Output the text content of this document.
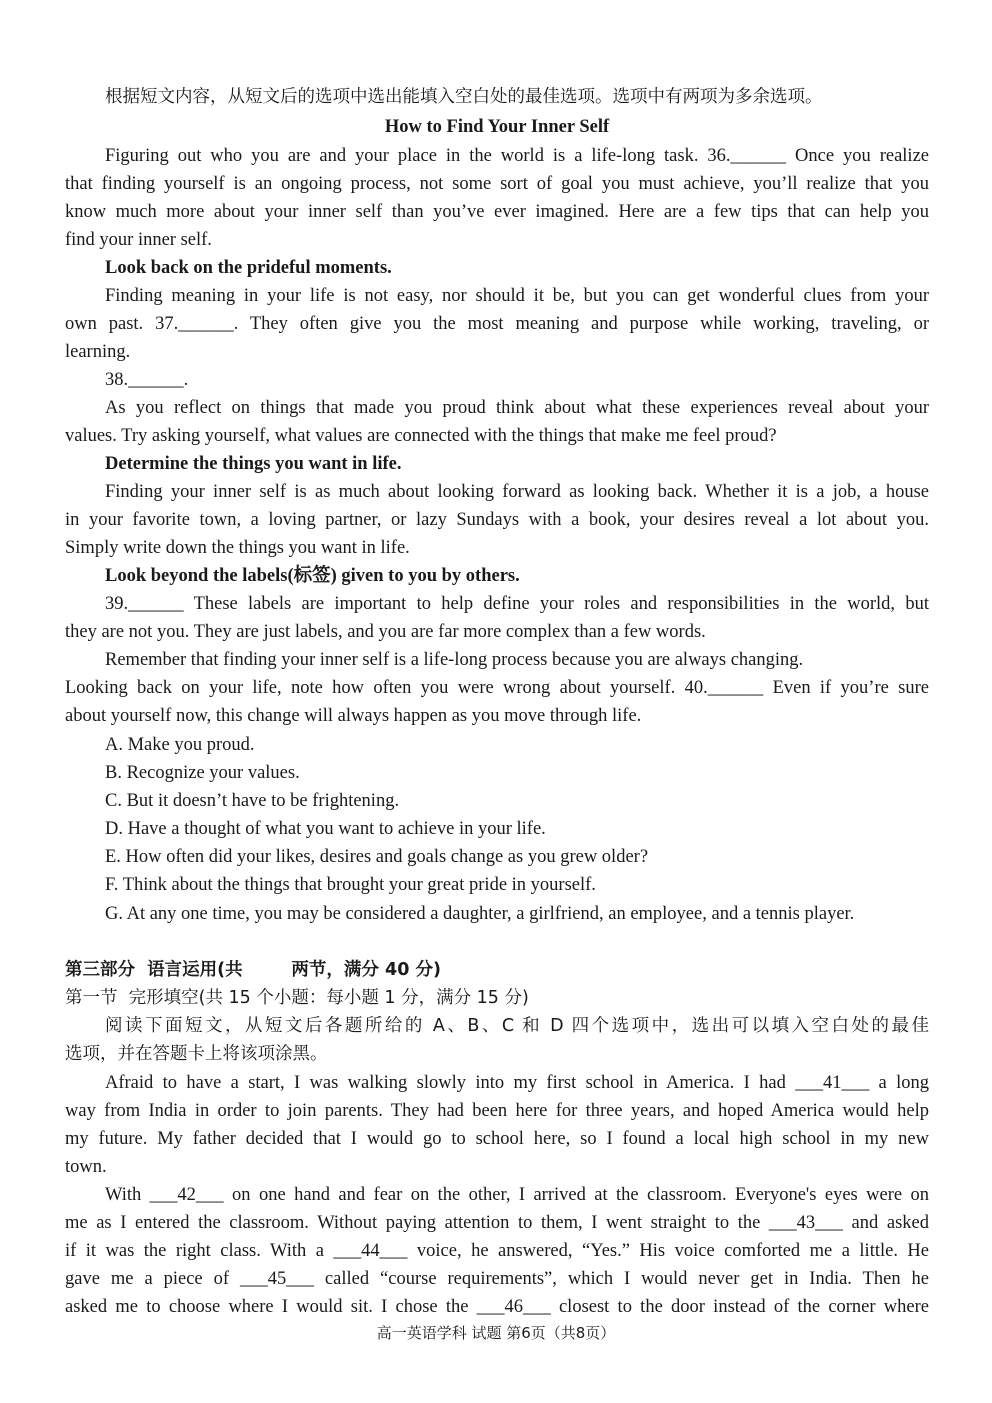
根据短文内容，从短文后的选项中选出能填入空白处的最佳选项。选项中有两项为多余选项。
How to Find Your Inner Self
Figuring out who you are and your place in the world is a life-long task. 36.______ Once you realize
that finding yourself is an ongoing process, not some sort of goal you must achieve, you’ll realize that you
know much more about your inner self than you’ve ever imagined. Here are a few tips that can help you
find your inner self.
Look back on the prideful moments.
Finding meaning in your life is not easy, nor should it be, but you can get wonderful clues from your
own past. 37.______. They often give you the most meaning and purpose while working, traveling, or
learning.
38.______.
As you reflect on things that made you proud think about what these experiences reveal about your
values. Try asking yourself, what values are connected with the things that make me feel proud?
Determine the things you want in life.
Finding your inner self is as much about looking forward as looking back. Whether it is a job, a house
in your favorite town, a loving partner, or lazy Sundays with a book, your desires reveal a lot about you.
Simply write down the things you want in life.
Look beyond the labels(标签) given to you by others.
39.______ These labels are important to help define your roles and responsibilities in the world, but
they are not you. They are just labels, and you are far more complex than a few words.
Remember that finding your inner self is a life-long process because you are always changing.
Looking back on your life, note how often you were wrong about yourself. 40.______ Even if you’re sure
about yourself now, this change will always happen as you move through life.
A. Make you proud.
B. Recognize your values.
C. But it doesn’t have to be frightening.
D. Have a thought of what you want to achieve in your life.
E. How often did your likes, desires and goals change as you grew older?
F. Think about the things that brought your great pride in yourself.
G. At any one time, you may be considered a daughter, a girlfriend, an employee, and a tennis player.
第三部分  语言运用(共        两节，满分 40 分)
第一节  完形填空(共 15 个小题：每小题 1 分，满分 15 分)
阅读下面短文，从短文后各题所给的 A、B、C 和 D 四个选项中，选出可以填入空白处的最佳
选项，并在答题卡上将该项涂黑。
Afraid to have a start, I was walking slowly into my first school in America. I had ___41___ a long
way from India in order to join parents. They had been here for three years, and hoped America would help
my future. My father decided that I would go to school here, so I found a local high school in my new
town.
With ___42___ on one hand and fear on the other, I arrived at the classroom. Everyone's eyes were on
me as I entered the classroom. Without paying attention to them, I went straight to the ___43___ and asked
if it was the right class. With a ___44___ voice, he answered, “Yes.” His voice comforted me a little. He
gave me a piece of ___45___ called “course requirements”, which I would never get in India. Then he
asked me to choose where I would sit. I chose the ___46___ closest to the door instead of the corner where
高一英语学科 试题 第6页（共8页）
